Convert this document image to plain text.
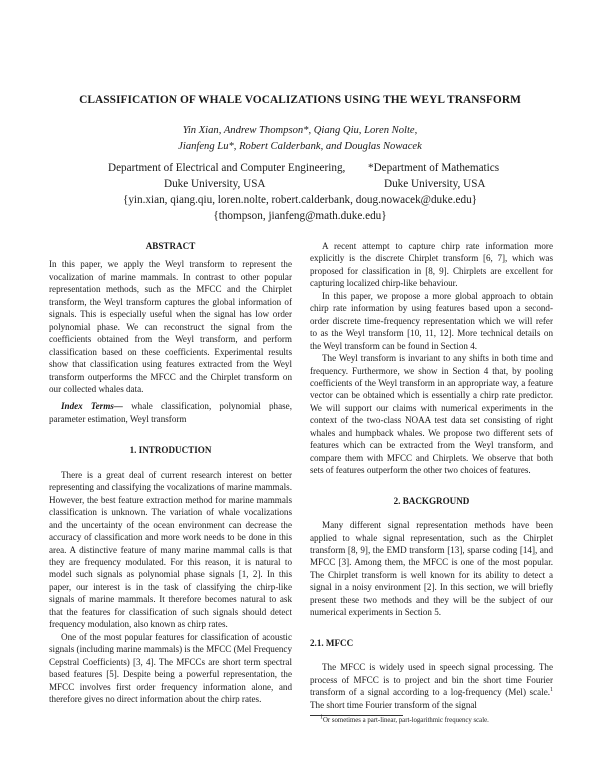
CLASSIFICATION OF WHALE VOCALIZATIONS USING THE WEYL TRANSFORM
Yin Xian, Andrew Thompson*, Qiang Qiu, Loren Nolte,
Jianfeng Lu*, Robert Calderbank, and Douglas Nowacek
Department of Electrical and Computer Engineering, *Department of Mathematics
Duke University, USA	Duke University, USA
{yin.xian, qiang.qiu, loren.nolte, robert.calderbank, doug.nowacek@duke.edu}
{thompson, jianfeng@math.duke.edu}
ABSTRACT

In this paper, we apply the Weyl transform to represent the vocalization of marine mammals. In contrast to other popular representation methods, such as the MFCC and the Chirplet transform, the Weyl transform captures the global information of signals. This is especially useful when the signal has low order polynomial phase. We can reconstruct the signal from the coefficients obtained from the Weyl transform, and perform classification based on these coefficients. Experimental results show that classification using features extracted from the Weyl transform outperforms the MFCC and the Chirplet transform on our collected whales data.

Index Terms— whale classification, polynomial phase, parameter estimation, Weyl transform

1. INTRODUCTION

There is a great deal of current research interest on better representing and classifying the vocalizations of marine mammals. However, the best feature extraction method for marine mammals classification is unknown. The variation of whale vocalizations and the uncertainty of the ocean environment can decrease the accuracy of classification and more work needs to be done in this area. A distinctive feature of many marine mammal calls is that they are frequency modulated. For this reason, it is natural to model such signals as polynomial phase signals [1, 2]. In this paper, our interest is in the task of classifying the chirp-like signals of marine mammals. It therefore becomes natural to ask that the features for classification of such signals should detect frequency modulation, also known as chirp rates.

One of the most popular features for classification of acoustic signals (including marine mammals) is the MFCC (Mel Frequency Cepstral Coefficients) [3, 4]. The MFCCs are short term spectral based features [5]. Despite being a powerful representation, the MFCC involves first order frequency information alone, and therefore gives no direct information about the chirp rates.

A recent attempt to capture chirp rate information more explicitly is the discrete Chirplet transform [6, 7], which was proposed for classification in [8, 9]. Chirplets are excellent for capturing localized chirp-like behaviour.

In this paper, we propose a more global approach to obtain chirp rate information by using features based upon a second-order discrete time-frequency representation which we will refer to as the Weyl transform [10, 11, 12]. More technical details on the Weyl transform can be found in Section 4.

The Weyl transform is invariant to any shifts in both time and frequency. Furthermore, we show in Section 4 that, by pooling coefficients of the Weyl transform in an appropriate way, a feature vector can be obtained which is essentially a chirp rate predictor. We will support our claims with numerical experiments in the context of the two-class NOAA test data set consisting of right whales and humpback whales. We propose two different sets of features which can be extracted from the Weyl transform, and compare them with MFCC and Chirplets. We observe that both sets of features outperform the other two choices of features.

2. BACKGROUND

Many different signal representation methods have been applied to whale signal representation, such as the Chirplet transform [8, 9], the EMD transform [13], sparse coding [14], and MFCC [3]. Among them, the MFCC is one of the most popular. The Chirplet transform is well known for its ability to detect a signal in a noisy environment [2]. In this section, we will briefly present these two methods and they will be the subject of our numerical experiments in Section 5.

2.1. MFCC

The MFCC is widely used in speech signal processing. The process of MFCC is to project and bin the short time Fourier transform of a signal according to a log-frequency (Mel) scale.$^1$ The short time Fourier transform of the signal

$^1$Or sometimes a part-linear, part-logarithmic frequency scale.
